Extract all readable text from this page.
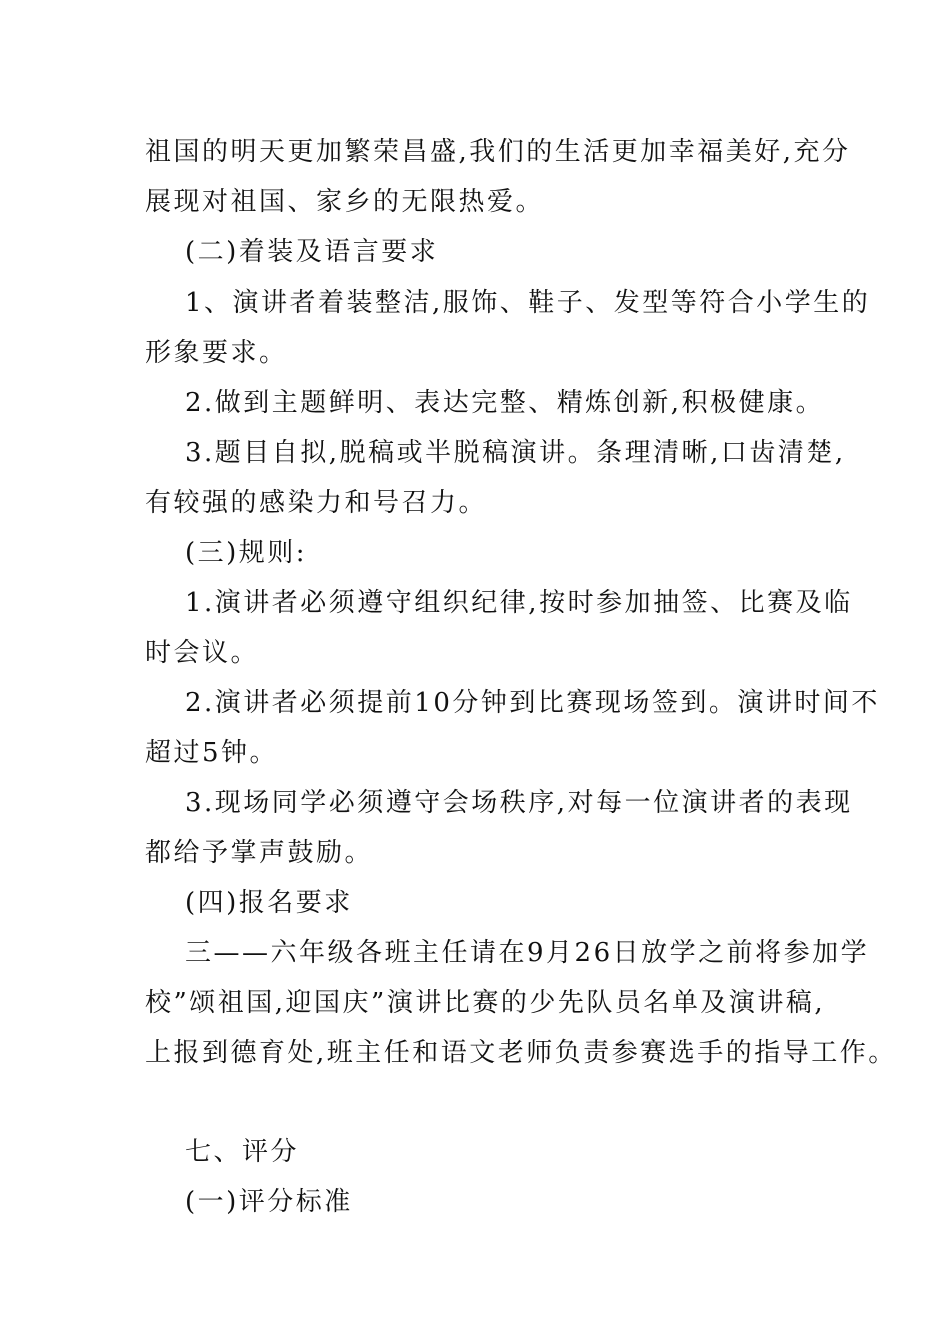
祖国的明天更加繁荣昌盛,我们的生活更加幸福美好,充分
展现对祖国、家乡的无限热爱。
(二)着装及语言要求
1、演讲者着装整洁,服饰、鞋子、发型等符合小学生的
形象要求。
2.做到主题鲜明、表达完整、精炼创新,积极健康。
3.题目自拟,脱稿或半脱稿演讲。条理清晰,口齿清楚,
有较强的感染力和号召力。
(三)规则:
1.演讲者必须遵守组织纪律,按时参加抽签、比赛及临
时会议。
2.演讲者必须提前10分钟到比赛现场签到。演讲时间不
超过5钟。
3.现场同学必须遵守会场秩序,对每一位演讲者的表现
都给予掌声鼓励。
(四)报名要求
三——六年级各班主任请在9月26日放学之前将参加学
校”颂祖国,迎国庆”演讲比赛的少先队员名单及演讲稿,
上报到德育处,班主任和语文老师负责参赛选手的指导工作。
七、评分
(一)评分标准
